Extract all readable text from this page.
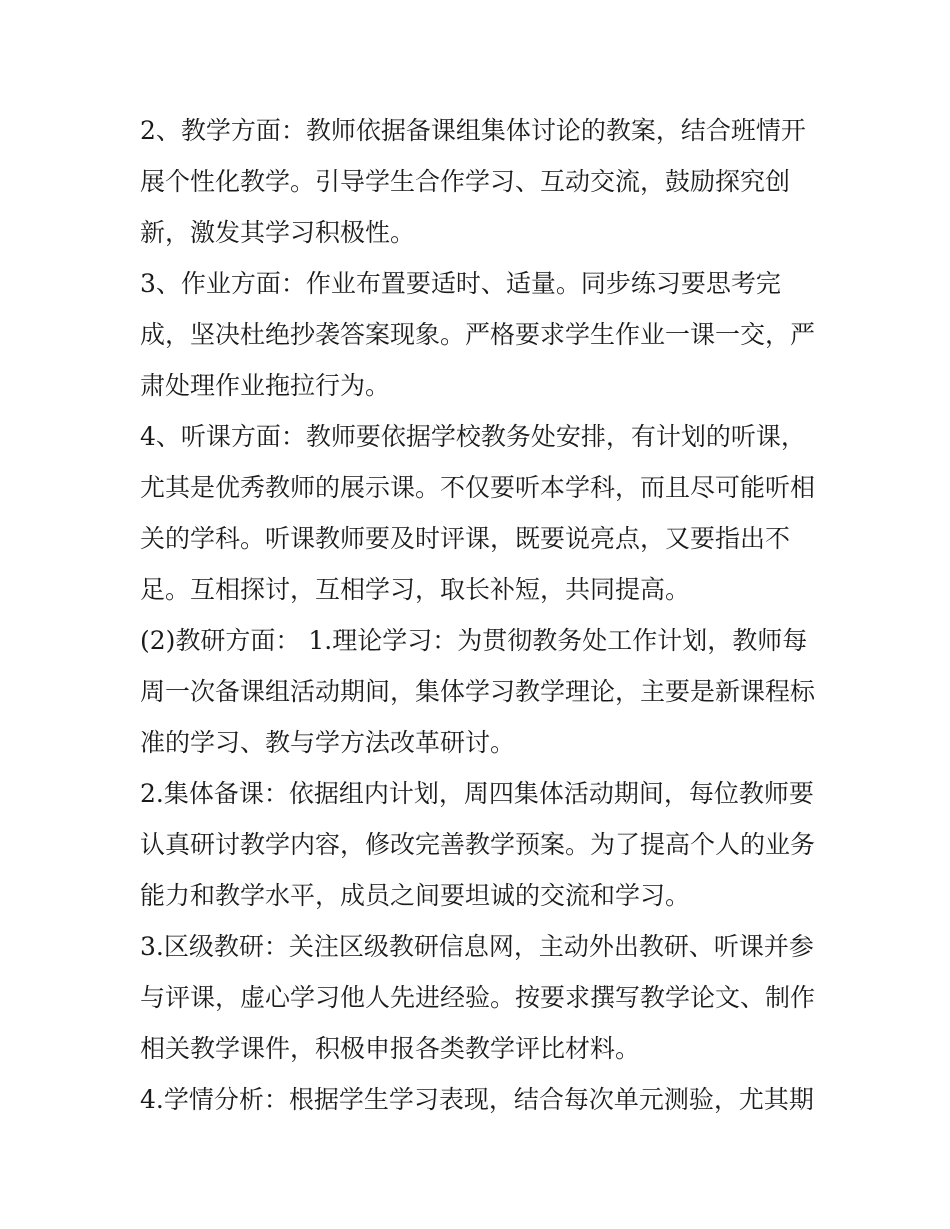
2、教学方面：教师依据备课组集体讨论的教案，结合班情开
展个性化教学。引导学生合作学习、互动交流，鼓励探究创
新，激发其学习积极性。
3、作业方面：作业布置要适时、适量。同步练习要思考完
成，坚决杜绝抄袭答案现象。严格要求学生作业一课一交，严
肃处理作业拖拉行为。
4、听课方面：教师要依据学校教务处安排，有计划的听课，
尤其是优秀教师的展示课。不仅要听本学科，而且尽可能听相
关的学科。听课教师要及时评课，既要说亮点，又要指出不
足。互相探讨，互相学习，取长补短，共同提高。
(2)教研方面： 1.理论学习：为贯彻教务处工作计划，教师每
周一次备课组活动期间，集体学习教学理论，主要是新课程标
准的学习、教与学方法改革研讨。
2.集体备课：依据组内计划，周四集体活动期间，每位教师要
认真研讨教学内容，修改完善教学预案。为了提高个人的业务
能力和教学水平，成员之间要坦诚的交流和学习。
3.区级教研：关注区级教研信息网，主动外出教研、听课并参
与评课，虚心学习他人先进经验。按要求撰写教学论文、制作
相关教学课件，积极申报各类教学评比材料。
4.学情分析：根据学生学习表现，结合每次单元测验，尤其期
